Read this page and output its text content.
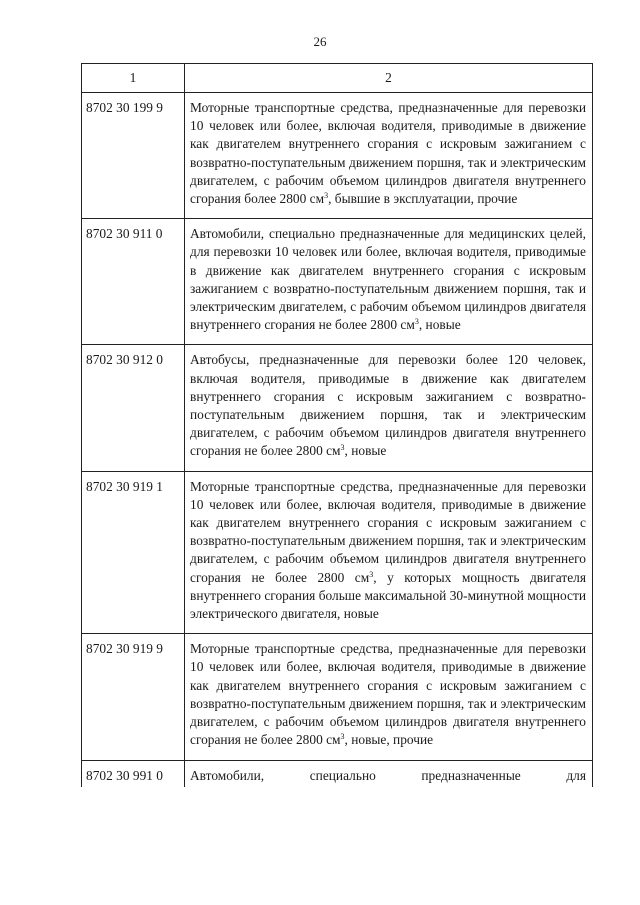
26
1	2
8702 30 199 9	Моторные транспортные средства, предназначенные для перевозки 10 человек или более, включая водителя, приводимые в движение как двигателем внутреннего сгорания с искровым зажиганием с возвратно-поступательным движением поршня, так и электрическим двигателем, с рабочим объемом цилиндров двигателя внутреннего сгорания более 2800 $см^3$, бывшие в эксплуатации, прочие
8702 30 911 0	Автомобили, специально предназначенные для медицинских целей, для перевозки 10 человек или более, включая водителя, приводимые в движение как двигателем внутреннего сгорания с искровым зажиганием с возвратно-поступательным движением поршня, так и электрическим двигателем, с рабочим объемом цилиндров двигателя внутреннего сгорания не более 2800 $см^3$, новые
8702 30 912 0	Автобусы, предназначенные для перевозки более 120 человек, включая водителя, приводимые в движение как двигателем внутреннего сгорания с искровым зажиганием с возвратно-поступательным движением поршня, так и электрическим двигателем, с рабочим объемом цилиндров двигателя внутреннего сгорания не более 2800 $см^3$, новые
8702 30 919 1	Моторные транспортные средства, предназначенные для перевозки 10 человек или более, включая водителя, приводимые в движение как двигателем внутреннего сгорания с искровым зажиганием с возвратно-поступательным движением поршня, так и электрическим двигателем, с рабочим объемом цилиндров двигателя внутреннего сгорания не более 2800 $см^3$, у которых мощность двигателя внутреннего сгорания больше максимальной 30-минутной мощности электрического двигателя, новые
8702 30 919 9	Моторные транспортные средства, предназначенные для перевозки 10 человек или более, включая водителя, приводимые в движение как двигателем внутреннего сгорания с искровым зажиганием с возвратно-поступательным движением поршня, так и электрическим двигателем, с рабочим объемом цилиндров двигателя внутреннего сгорания не более 2800 $см^3$, новые, прочие
8702 30 991 0	Автомобили, специально предназначенные для
